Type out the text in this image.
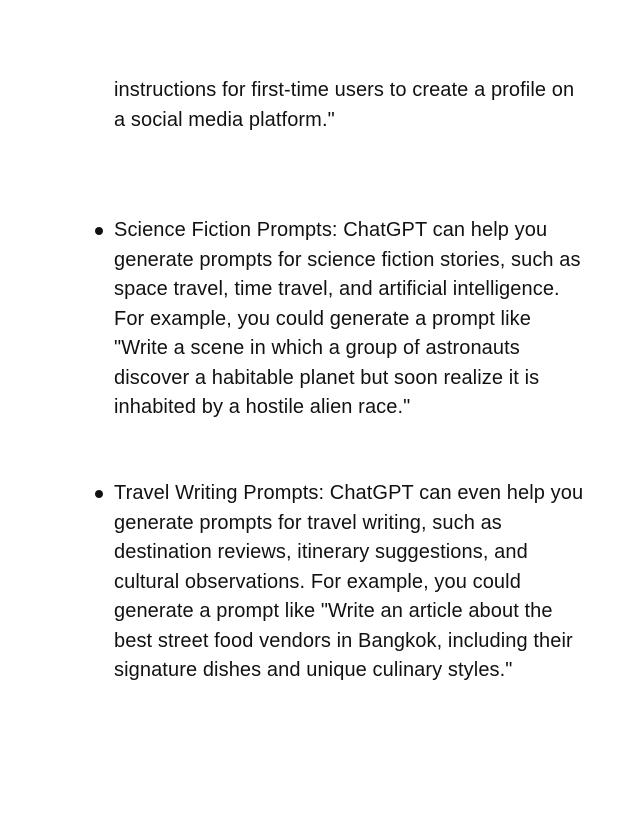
instructions for first-time users to create a profile on a social media platform."

Science Fiction Prompts: ChatGPT can help you generate prompts for science fiction stories, such as space travel, time travel, and artificial intelligence. For example, you could generate a prompt like "Write a scene in which a group of astronauts discover a habitable planet but soon realize it is inhabited by a hostile alien race."

Travel Writing Prompts: ChatGPT can even help you generate prompts for travel writing, such as destination reviews, itinerary suggestions, and cultural observations. For example, you could generate a prompt like "Write an article about the best street food vendors in Bangkok, including their signature dishes and unique culinary styles."
